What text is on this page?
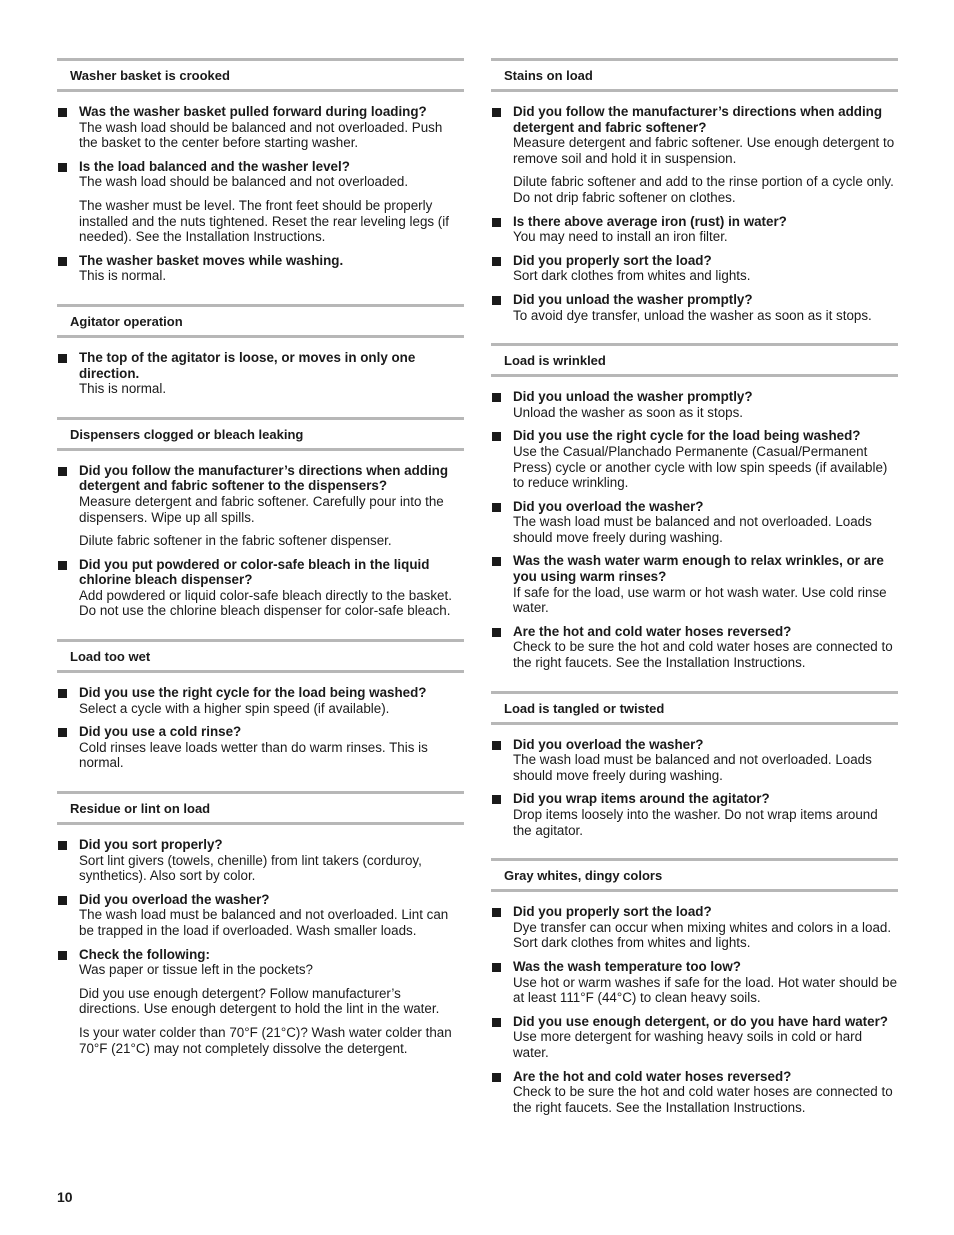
Washer basket is crooked
Was the washer basket pulled forward during loading?
The wash load should be balanced and not overloaded. Push the basket to the center before starting washer.
Is the load balanced and the washer level?
The wash load should be balanced and not overloaded.
The washer must be level. The front feet should be properly installed and the nuts tightened. Reset the rear leveling legs (if needed). See the Installation Instructions.
The washer basket moves while washing.
This is normal.
Agitator operation
The top of the agitator is loose, or moves in only one direction.
This is normal.
Dispensers clogged or bleach leaking
Did you follow the manufacturer’s directions when adding detergent and fabric softener to the dispensers?
Measure detergent and fabric softener. Carefully pour into the dispensers. Wipe up all spills.
Dilute fabric softener in the fabric softener dispenser.
Did you put powdered or color-safe bleach in the liquid chlorine bleach dispenser?
Add powdered or liquid color-safe bleach directly to the basket. Do not use the chlorine bleach dispenser for color-safe bleach.
Load too wet
Did you use the right cycle for the load being washed?
Select a cycle with a higher spin speed (if available).
Did you use a cold rinse?
Cold rinses leave loads wetter than do warm rinses. This is normal.
Residue or lint on load
Did you sort properly?
Sort lint givers (towels, chenille) from lint takers (corduroy, synthetics). Also sort by color.
Did you overload the washer?
The wash load must be balanced and not overloaded. Lint can be trapped in the load if overloaded. Wash smaller loads.
Check the following:
Was paper or tissue left in the pockets?
Did you use enough detergent? Follow manufacturer’s directions. Use enough detergent to hold the lint in the water.
Is your water colder than 70°F (21°C)? Wash water colder than 70°F (21°C) may not completely dissolve the detergent.
Stains on load
Did you follow the manufacturer’s directions when adding detergent and fabric softener?
Measure detergent and fabric softener. Use enough detergent to remove soil and hold it in suspension.
Dilute fabric softener and add to the rinse portion of a cycle only. Do not drip fabric softener on clothes.
Is there above average iron (rust) in water?
You may need to install an iron filter.
Did you properly sort the load?
Sort dark clothes from whites and lights.
Did you unload the washer promptly?
To avoid dye transfer, unload the washer as soon as it stops.
Load is wrinkled
Did you unload the washer promptly?
Unload the washer as soon as it stops.
Did you use the right cycle for the load being washed?
Use the Casual/Planchado Permanente (Casual/Permanent Press) cycle or another cycle with low spin speeds (if available) to reduce wrinkling.
Did you overload the washer?
The wash load must be balanced and not overloaded. Loads should move freely during washing.
Was the wash water warm enough to relax wrinkles, or are you using warm rinses?
If safe for the load, use warm or hot wash water. Use cold rinse water.
Are the hot and cold water hoses reversed?
Check to be sure the hot and cold water hoses are connected to the right faucets. See the Installation Instructions.
Load is tangled or twisted
Did you overload the washer?
The wash load must be balanced and not overloaded. Loads should move freely during washing.
Did you wrap items around the agitator?
Drop items loosely into the washer. Do not wrap items around the agitator.
Gray whites, dingy colors
Did you properly sort the load?
Dye transfer can occur when mixing whites and colors in a load. Sort dark clothes from whites and lights.
Was the wash temperature too low?
Use hot or warm washes if safe for the load. Hot water should be at least 111°F (44°C) to clean heavy soils.
Did you use enough detergent, or do you have hard water?
Use more detergent for washing heavy soils in cold or hard water.
Are the hot and cold water hoses reversed?
Check to be sure the hot and cold water hoses are connected to the right faucets. See the Installation Instructions.
10
